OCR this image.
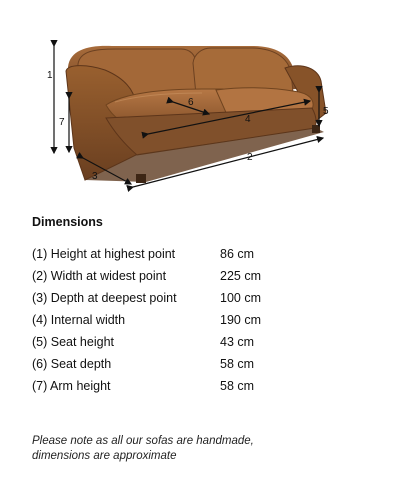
1
7
6
4
5
3
2
Dimensions
(1) Height at highest point	86 cm
(2) Width at widest point	225 cm
(3) Depth at deepest point	100 cm
(4) Internal width	190 cm
(5) Seat height	43 cm
(6) Seat depth	58 cm
(7) Arm height	58 cm
Please note as all our sofas are handmade,
dimensions are approximate
